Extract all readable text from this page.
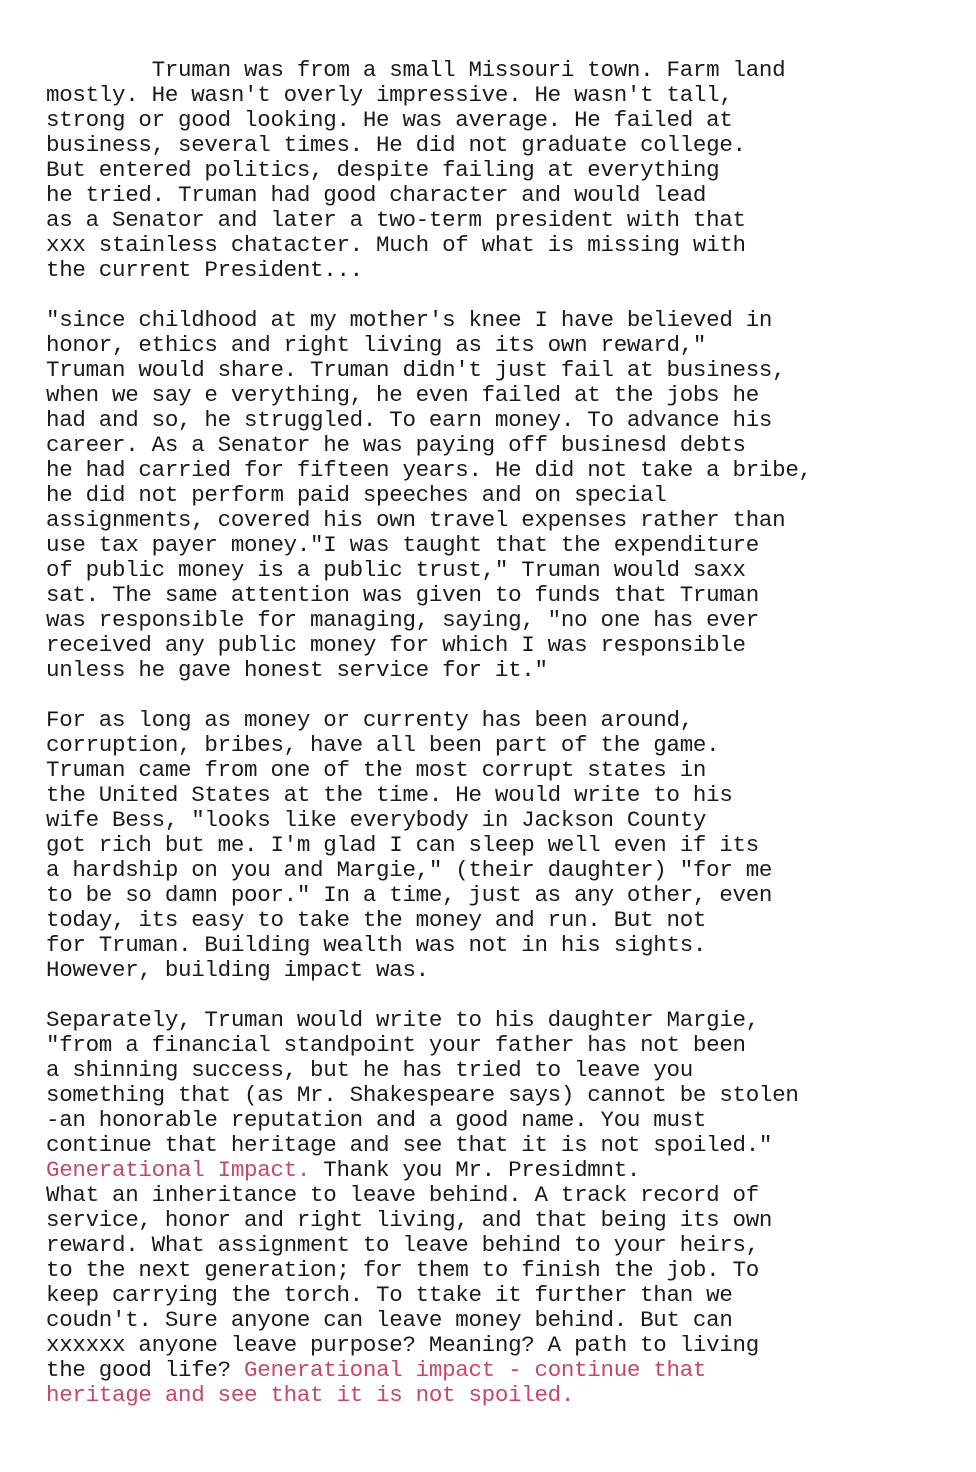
Truman was from a small Missouri town. Farm land
mostly. He wasn't overly impressive. He wasn't tall,
strong or good looking. He was average. He failed at
business, several times. He did not graduate college.
But entered politics, despite failing at everything
he tried. Truman had good character and would lead
as a Senator and later a two-term president with that
xxx stainless chatacter. Much of what is missing with
the current President...
"since childhood at my mother's knee I have believed in
honor, ethics and right living as its own reward,"
Truman would share. Truman didn't just fail at business,
when we say e verything, he even failed at the jobs he
had and so, he struggled. To earn money. To advance his
career. As a Senator he was paying off businesd debts
he had carried for fifteen years. He did not take a bribe,
he did not perform paid speeches and on special
assignments, covered his own travel expenses rather than
use tax payer money."I was taught that the expenditure
of public money is a public trust," Truman would saxx
sat. The same attention was given to funds that Truman
was responsible for managing, saying, "no one has ever
received any public money for which I was responsible
unless he gave honest service for it."
For as long as money or currenty has been around,
corruption, bribes, have all been part of the game.
Truman came from one of the most corrupt states in
the United States at the time. He would write to his
wife Bess, "looks like everybody in Jackson County
got rich but me. I'm glad I can sleep well even if its
a hardship on you and Margie," (their daughter) "for me
to be so damn poor." In a time, just as any other, even
today, its easy to take the money and run. But not
for Truman. Building wealth was not in his sights.
However, building impact was.
Separately, Truman would write to his daughter Margie,
"from a financial standpoint your father has not been
a shinning success, but he has tried to leave you
something that (as Mr. Shakespeare says) cannot be stolen
-an honorable reputation and a good name. You must
continue that heritage and see that it is not spoiled."
Generational Impact. Thank you Mr. Presidmnt.
What an inheritance to leave behind. A track record of
service, honor and right living, and that being its own
reward. What assignment to leave behind to your heirs,
to the next generation; for them to finish the job. To
keep carrying the torch. To ttake it further than we
coudn't. Sure anyone can leave money behind. But can
xxxxxx anyone leave purpose? Meaning? A path to living
the good life? Generational impact - continue that
heritage and see that it is not spoiled.
